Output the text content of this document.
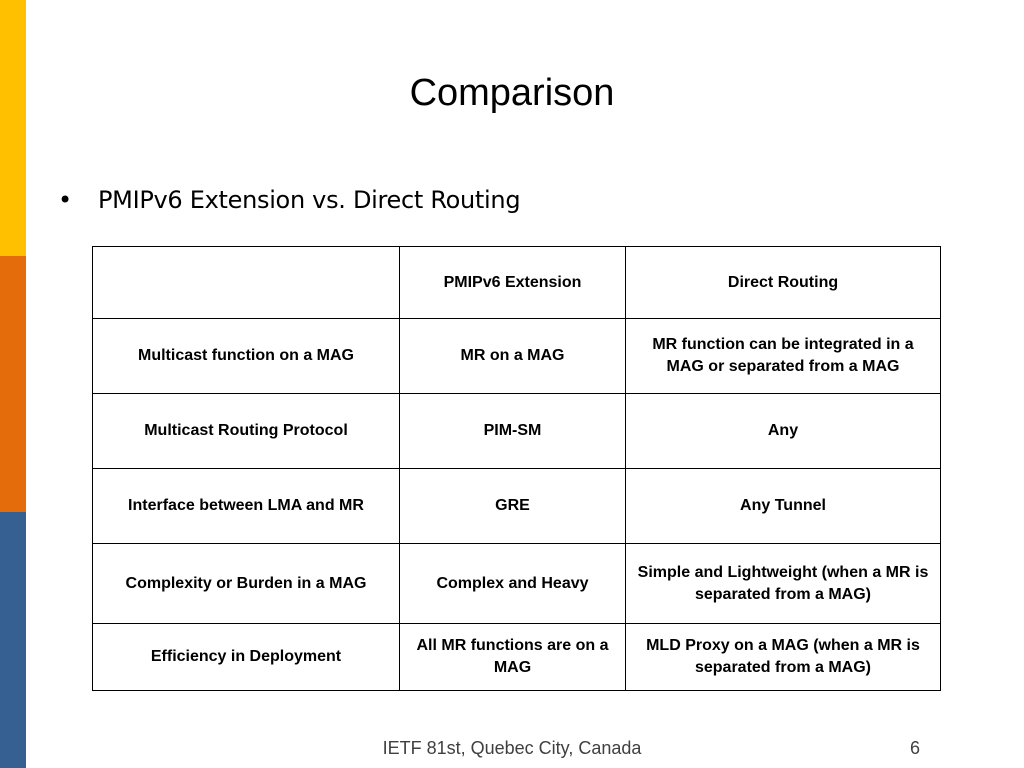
Comparison
• PMIPv6 Extension vs. Direct Routing
	PMIPv6 Extension	Direct Routing
Multicast function on a MAG	MR on a MAG	MR function can be integrated in a MAG or separated from a MAG
Multicast Routing Protocol	PIM-SM	Any
Interface between LMA and MR	GRE	Any Tunnel
Complexity or Burden in a MAG	Complex and Heavy	Simple and Lightweight (when a MR is separated from a MAG)
Efficiency in Deployment	All MR functions are on a MAG	MLD Proxy on a MAG (when a MR is separated from a MAG)
IETF 81st, Quebec City, Canada	6
